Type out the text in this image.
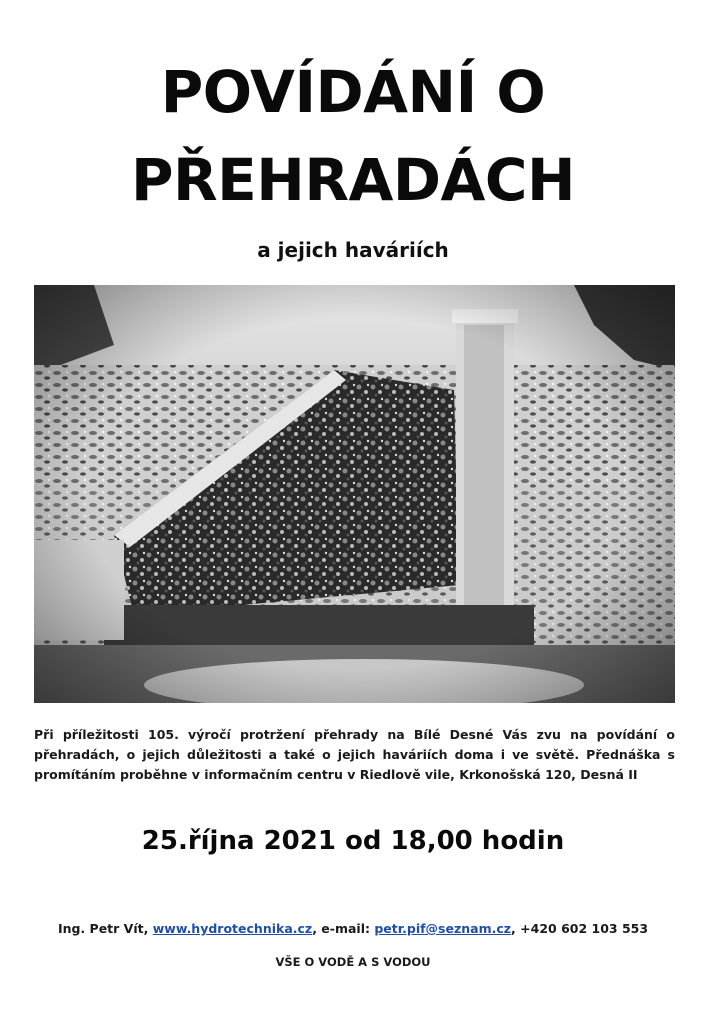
POVÍDÁNÍ O
PŘEHRADÁCH
a jejich haváriích
Při příležitosti 105. výročí protržení přehrady na Bílé Desné Vás zvu na povídání o přehradách, o jejich důležitosti a také o jejich haváriích doma i ve světě. Přednáška s promítáním proběhne v informačním centru v Riedlově vile, Krkonošská 120, Desná II
25.října 2021 od 18,00 hodin
Ing. Petr Vít, www.hydrotechnika.cz, e-mail: petr.pif@seznam.cz, +420 602 103 553
VŠE O VODĚ A S VODOU
